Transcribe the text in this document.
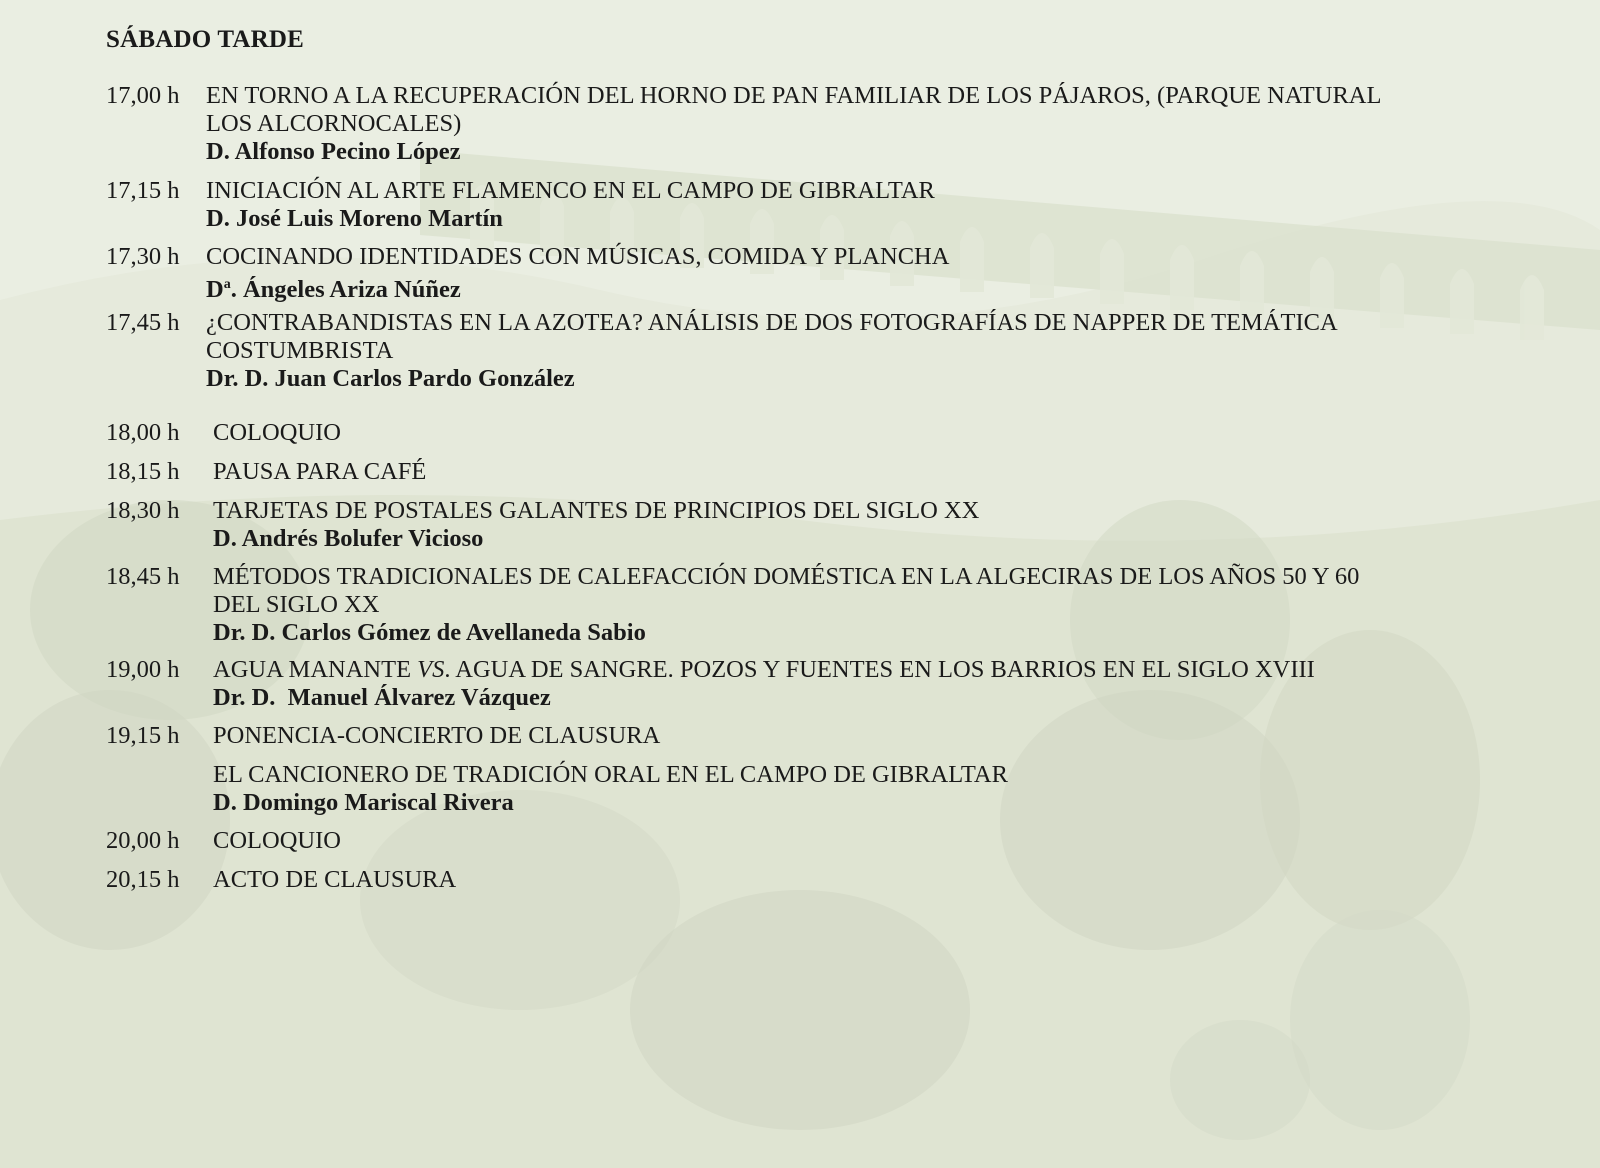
SÁBADO TARDE
17,00 h EN TORNO A LA RECUPERACIÓN DEL HORNO DE PAN FAMILIAR DE LOS PÁJAROS, (PARQUE NATURAL
LOS ALCORNOCALES)
D. Alfonso Pecino López
17,15 h INICIACIÓN AL ARTE FLAMENCO EN EL CAMPO DE GIBRALTAR
D. José Luis Moreno Martín
17,30 h COCINANDO IDENTIDADES CON MÚSICAS, COMIDA Y PLANCHA
$D^a$. Ángeles Ariza Núñez
17,45 h ¿CONTRABANDISTAS EN LA AZOTEA? ANÁLISIS DE DOS FOTOGRAFÍAS DE NAPPER DE TEMÁTICA
COSTUMBRISTA
Dr. D. Juan Carlos Pardo González
18,00 h COLOQUIO
18,15 h PAUSA PARA CAFÉ
18,30 h TARJETAS DE POSTALES GALANTES DE PRINCIPIOS DEL SIGLO XX
D. Andrés Bolufer Vicioso
18,45 h MÉTODOS TRADICIONALES DE CALEFACCIÓN DOMÉSTICA EN LA ALGECIRAS DE LOS AÑOS 50 Y 60
DEL SIGLO XX
Dr. D. Carlos Gómez de Avellaneda Sabio
19,00 h AGUA MANANTE VS. AGUA DE SANGRE. POZOS Y FUENTES EN LOS BARRIOS EN EL SIGLO XVIII
Dr. D.  Manuel Álvarez Vázquez
19,15 h PONENCIA-CONCIERTO DE CLAUSURA
EL CANCIONERO DE TRADICIÓN ORAL EN EL CAMPO DE GIBRALTAR
D. Domingo Mariscal Rivera
20,00 h COLOQUIO
20,15 h ACTO DE CLAUSURA
